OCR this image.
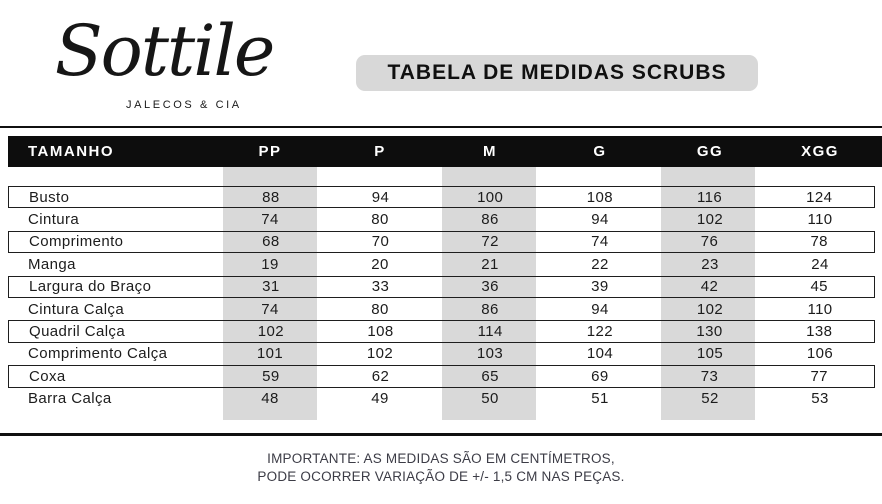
Sottile
JALECOS & CIA
TABELA DE MEDIDAS SCRUBS
TAMANHO	PP	P	M	G	GG	XGG
Busto	88	94	100	108	116	124
Cintura	74	80	86	94	102	110
Comprimento	68	70	72	74	76	78
Manga	19	20	21	22	23	24
Largura do Braço	31	33	36	39	42	45
Cintura Calça	74	80	86	94	102	110
Quadril Calça	102	108	114	122	130	138
Comprimento Calça	101	102	103	104	105	106
Coxa	59	62	65	69	73	77
Barra Calça	48	49	50	51	52	53
IMPORTANTE: AS MEDIDAS SÃO EM CENTÍMETROS,
PODE OCORRER VARIAÇÃO DE +/- 1,5 CM NAS PEÇAS.
